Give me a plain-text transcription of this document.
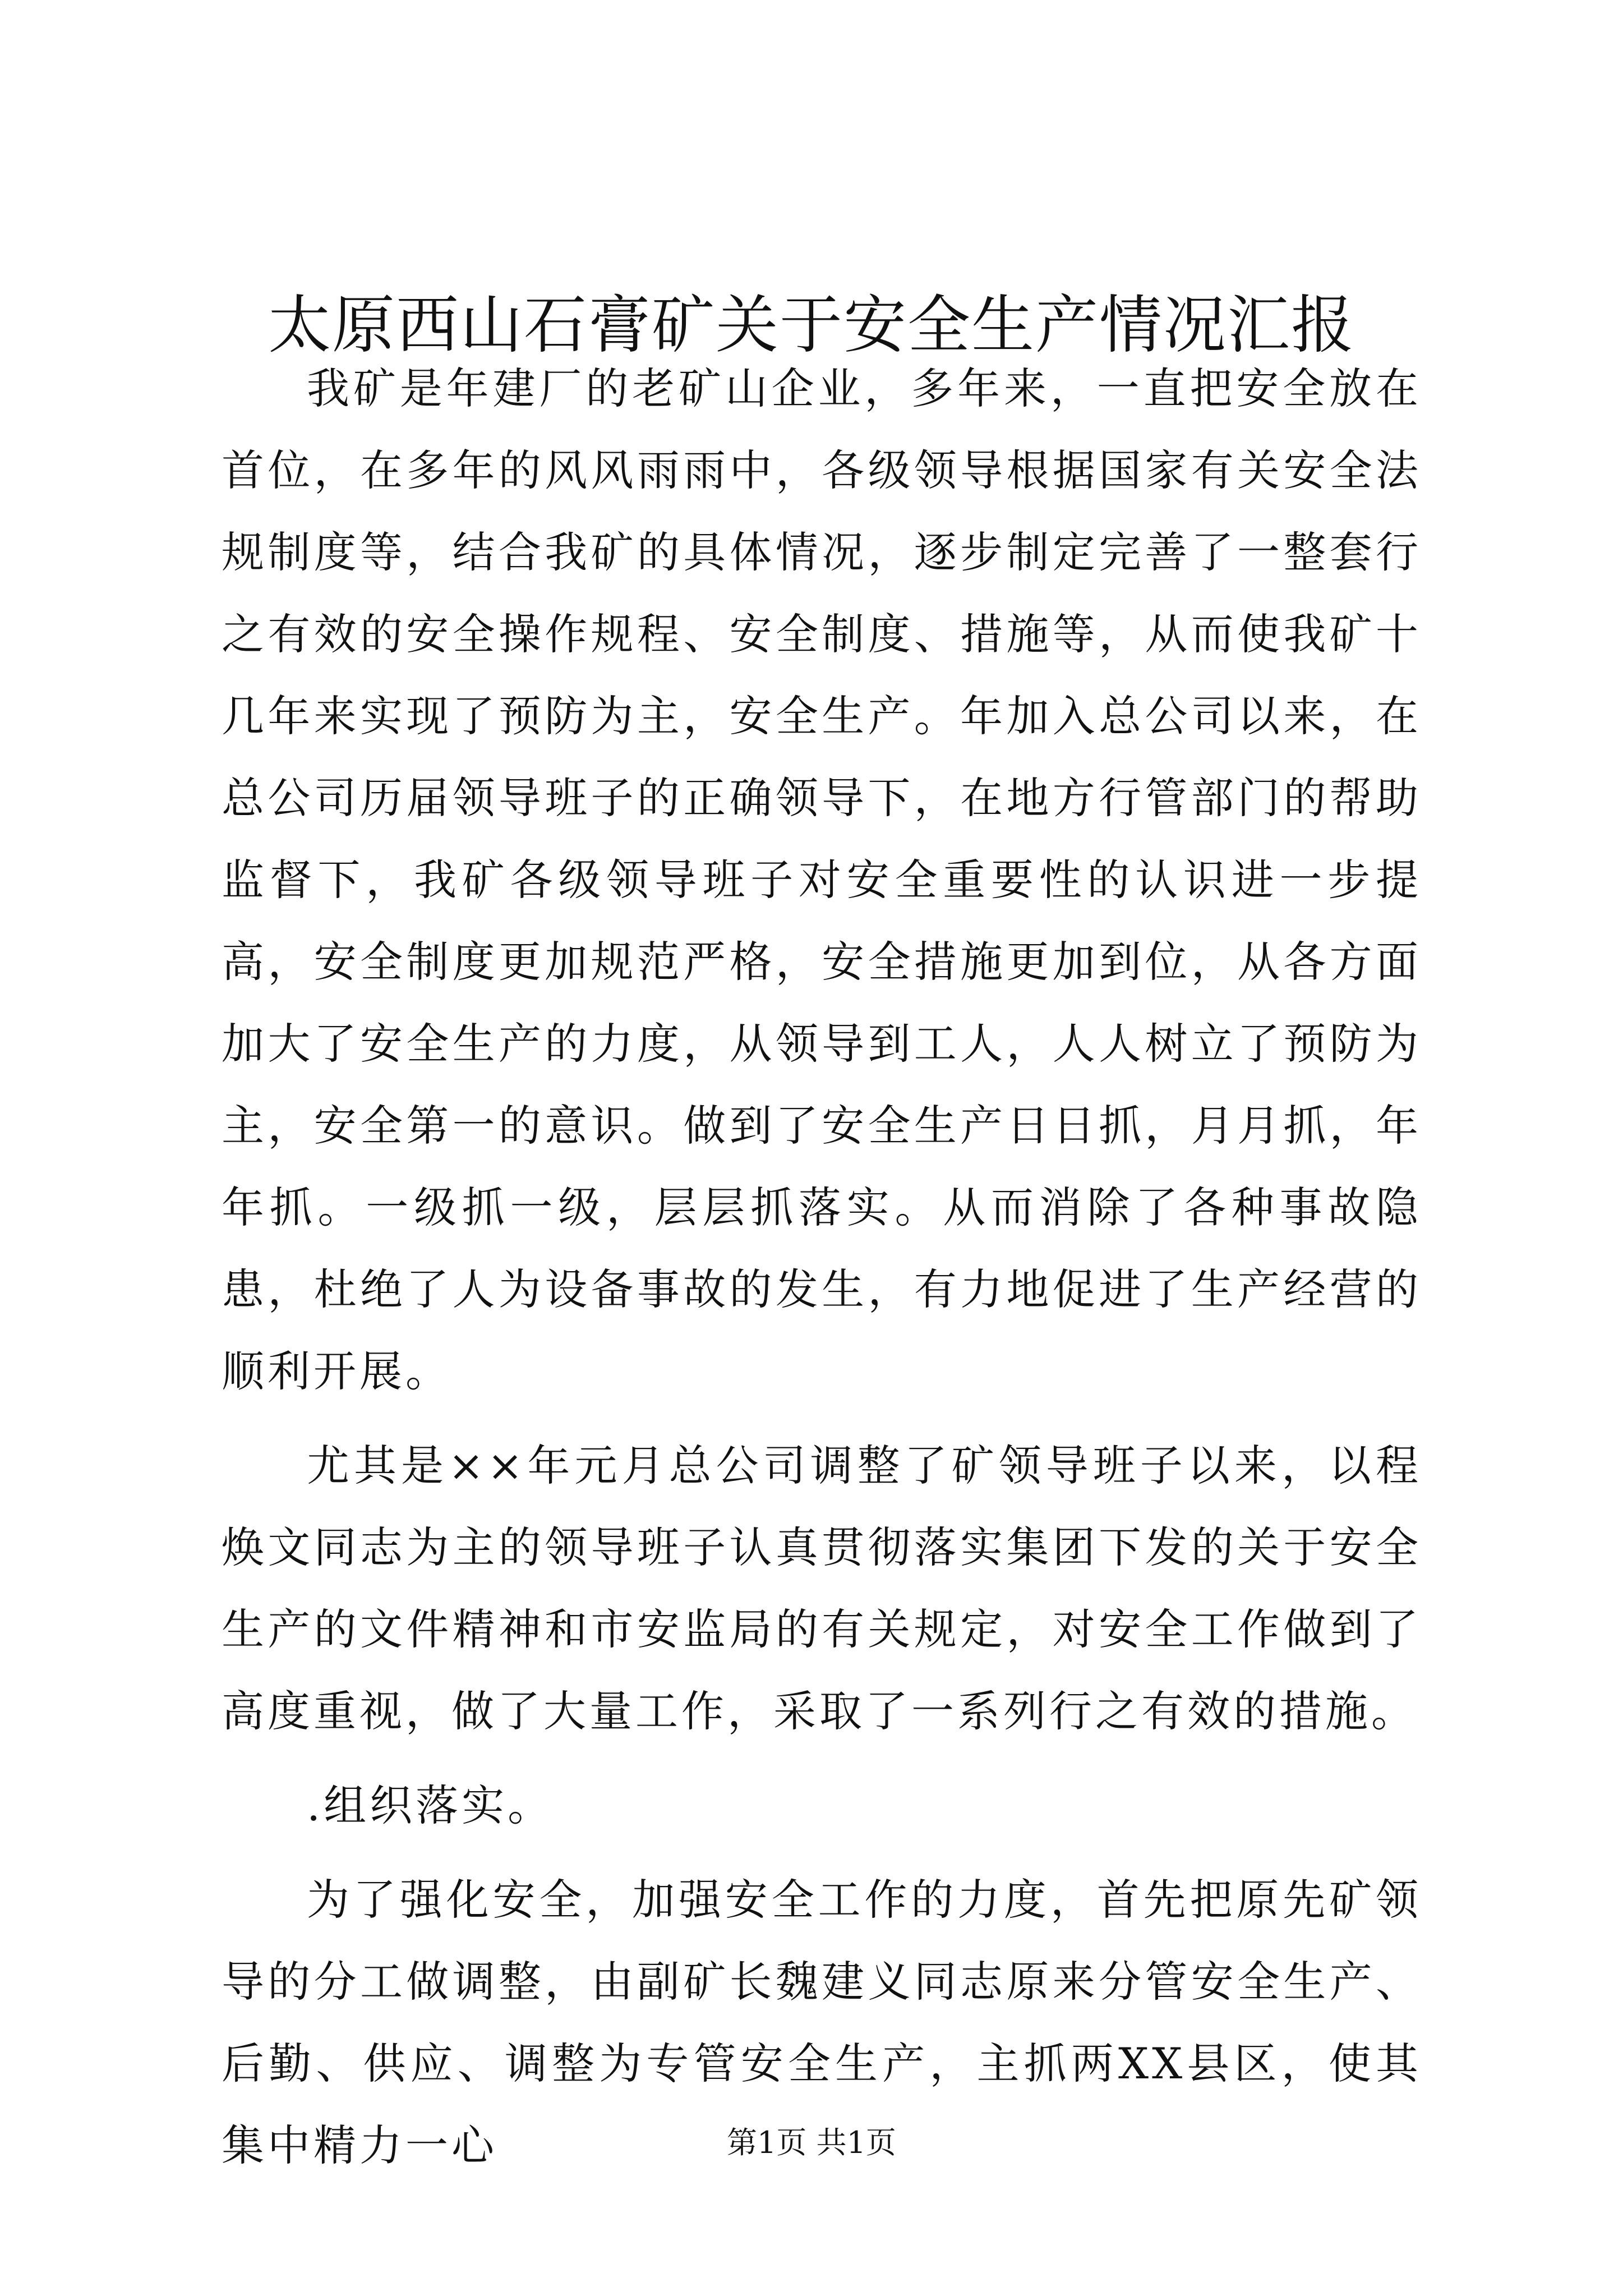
太原西山石膏矿关于安全生产情况汇报

我矿是年建厂的老矿山企业，多年来，一直把安全放在首位，在多年的风风雨雨中，各级领导根据国家有关安全法规制度等，结合我矿的具体情况，逐步制定完善了一整套行之有效的安全操作规程、安全制度、措施等，从而使我矿十几年来实现了预防为主，安全生产。年加入总公司以来，在总公司历届领导班子的正确领导下，在地方行管部门的帮助监督下，我矿各级领导班子对安全重要性的认识进一步提高，安全制度更加规范严格，安全措施更加到位，从各方面加大了安全生产的力度，从领导到工人，人人树立了预防为主，安全第一的意识。做到了安全生产日日抓，月月抓，年年抓。一级抓一级，层层抓落实。从而消除了各种事故隐患，杜绝了人为设备事故的发生，有力地促进了生产经营的顺利开展。

尤其是××年元月总公司调整了矿领导班子以来，以程焕文同志为主的领导班子认真贯彻落实集团下发的关于安全生产的文件精神和市安监局的有关规定，对安全工作做到了高度重视，做了大量工作，采取了一系列行之有效的措施。

.组织落实。

为了强化安全，加强安全工作的力度，首先把原先矿领导的分工做调整，由副矿长魏建义同志原来分管安全生产、后勤、供应、调整为专管安全生产，主抓两XX县区，使其集中精力一心	第1页 共1页
